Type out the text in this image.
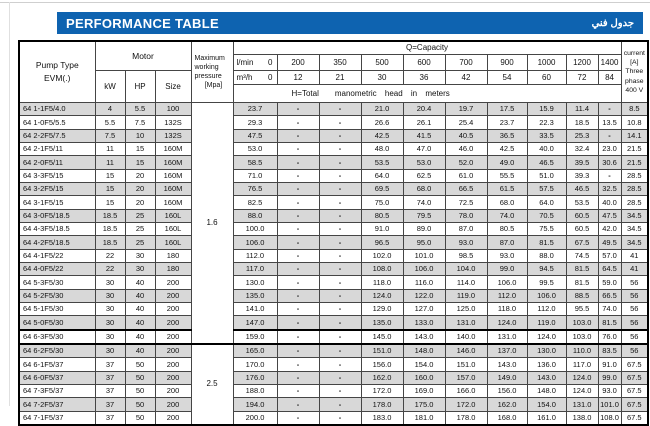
PERFORMANCE TABLE	جدول فني
Pump Type
EVM(.)
	Motor	Maximum
working
pressure
[Mpa]
	Q=Capacity	
current
[A]
Three
phase
400 V

					l/min 0	200	350	500	600	700	900	1000	1200	1400	
	kW	HP	Size		m³/h 0	12	21	30	36	42	54	60	72	84	
					H=Total manometric head in meters										
64 1-1F5/4.0	4	5.5	100	1.6	23.7	-	-	21.0	20.4	19.7	17.5	15.9	11.4	-	8.5
64 1-0F5/5.5	5.5	7.5	132S		29.3	-	-	26.6	26.1	25.4	23.7	22.3	18.5	13.5	10.8
64 2-2F5/7.5	7.5	10	132S		47.5	-	-	42.5	41.5	40.5	36.5	33.5	25.3	-	14.1
64 2-1F5/11	11	15	160M		53.0	-	-	48.0	47.0	46.0	42.5	40.0	32.4	23.0	21.5
64 2-0F5/11	11	15	160M		58.5	-	-	53.5	53.0	52.0	49.0	46.5	39.5	30.6	21.5
64 3-3F5/15	15	20	160M		71.0	-	-	64.0	62.5	61.0	55.5	51.0	39.3	-	28.5
64 3-2F5/15	15	20	160M		76.5	-	-	69.5	68.0	66.5	61.5	57.5	46.5	32.5	28.5
64 3-1F5/15	15	20	160M		82.5	-	-	75.0	74.0	72.5	68.0	64.0	53.5	40.0	28.5
64 3-0F5/18.5	18.5	25	160L		88.0	-	-	80.5	79.5	78.0	74.0	70.5	60.5	47.5	34.5
64 4-3F5/18.5	18.5	25	160L		100.0	-	-	91.0	89.0	87.0	80.5	75.5	60.5	42.0	34.5
64 4-2F5/18.5	18.5	25	160L		106.0	-	-	96.5	95.0	93.0	87.0	81.5	67.5	49.5	34.5
64 4-1F5/22	22	30	180		112.0	-	-	102.0	101.0	98.5	93.0	88.0	74.5	57.0	41
64 4-0F5/22	22	30	180		117.0	-	-	108.0	106.0	104.0	99.0	94.5	81.5	64.5	41
64 5-3F5/30	30	40	200		130.0	-	-	118.0	116.0	114.0	106.0	99.5	81.5	59.0	56
64 5-2F5/30	30	40	200		135.0	-	-	124.0	122.0	119.0	112.0	106.0	88.5	66.5	56
64 5-1F5/30	30	40	200		141.0	-	-	129.0	127.0	125.0	118.0	112.0	95.5	74.0	56
64 5-0F5/30	30	40	200		147.0	-	-	135.0	133.0	131.0	124.0	119.0	103.0	81.5	56
64 6-3F5/30	30	40	200		159.0	-	-	145.0	143.0	140.0	131.0	124.0	103.0	76.0	56
64 6-2F5/30	30	40	200	2.5	165.0	-	-	151.0	148.0	146.0	137.0	130.0	110.0	83.5	56
64 6-1F5/37	37	50	200		170.0	-	-	156.0	154.0	151.0	143.0	136.0	117.0	91.0	67.5
64 6-0F5/37	37	50	200		176.0	-	-	162.0	160.0	157.0	149.0	143.0	124.0	99.0	67.5
64 7-3F5/37	37	50	200		188.0	-	-	172.0	169.0	166.0	156.0	148.0	124.0	93.0	67.5
64 7-2F5/37	37	50	200		194.0	-	-	178.0	175.0	172.0	162.0	154.0	131.0	101.0	67.5
64 7-1F5/37	37	50	200		200.0	-	-	183.0	181.0	178.0	168.0	161.0	138.0	108.0	67.5
